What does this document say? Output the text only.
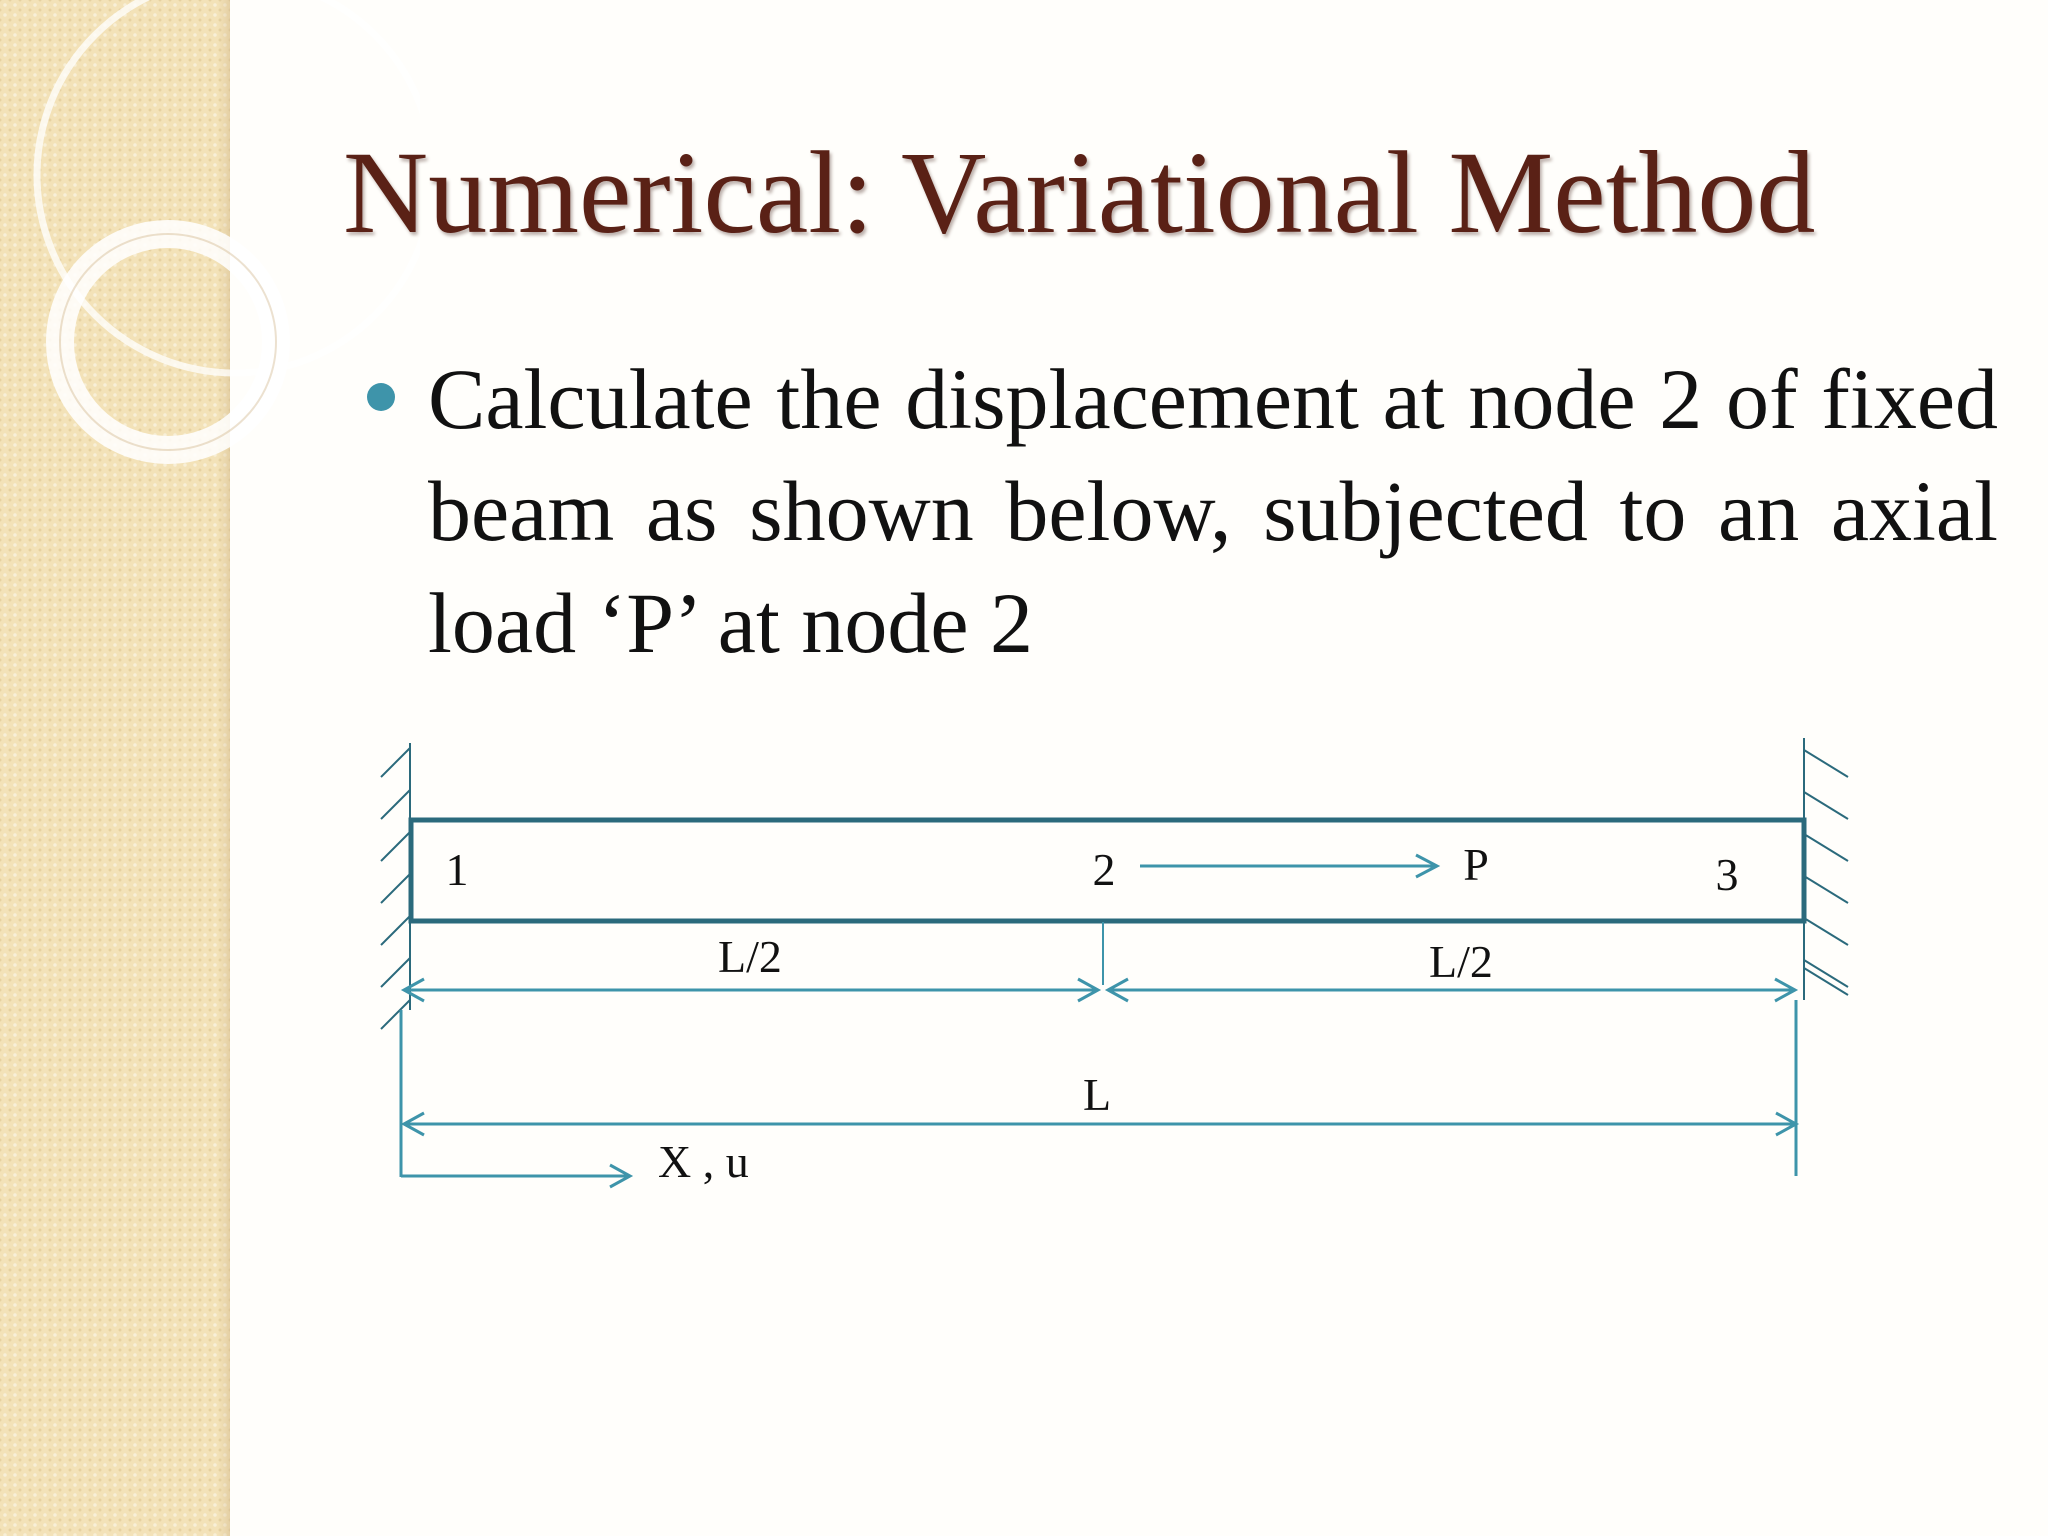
Numerical: Variational Method

Calculate the displacement at node 2 of fixed beam as shown below, subjected to an axial load ‘P’ at node 2

1	2	3
P
L/2	L/2
L
X , u
